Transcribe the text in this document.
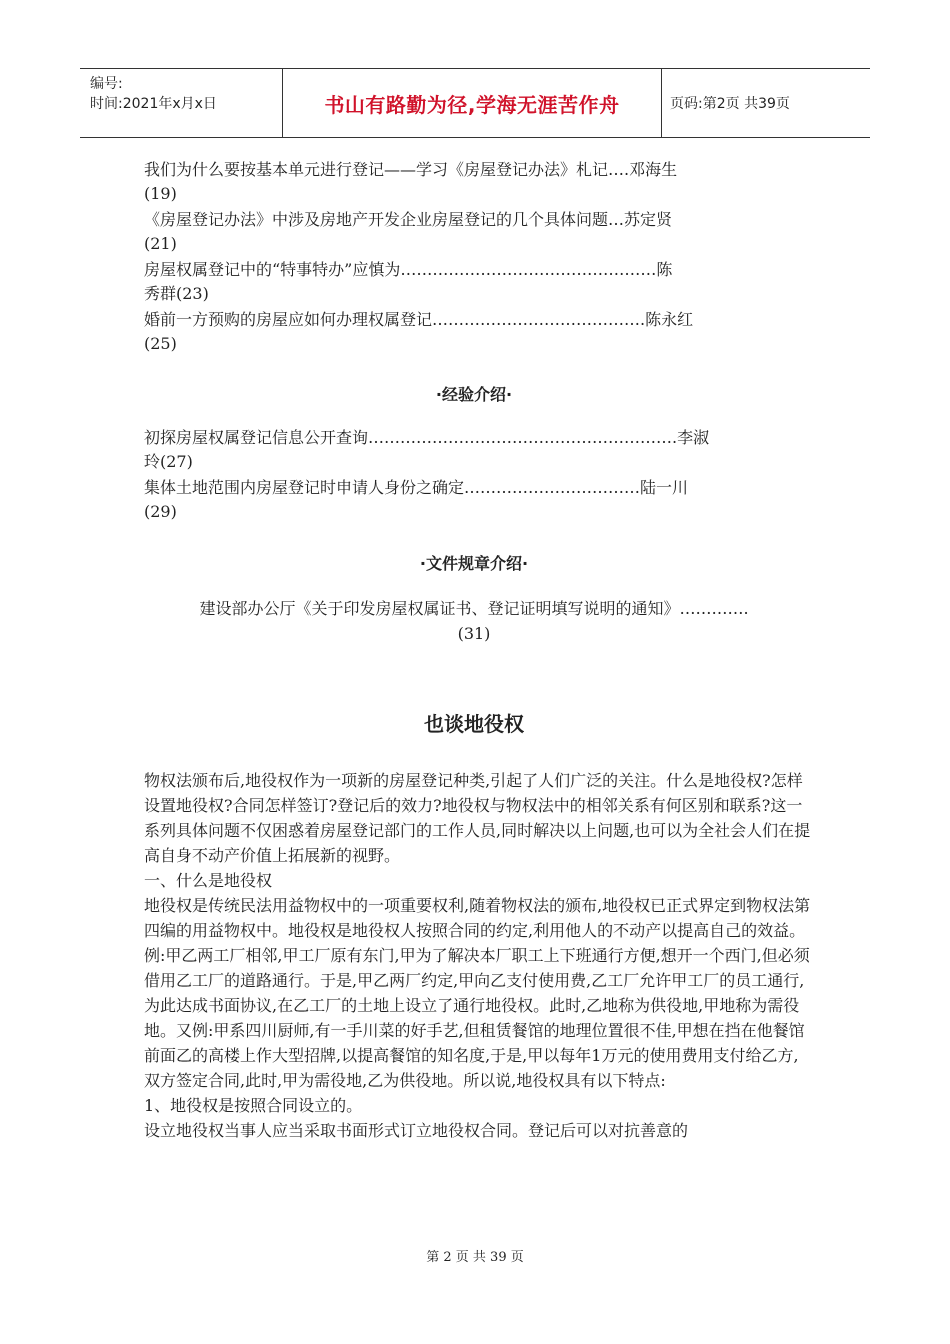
编号:
时间:2021年x月x日	书山有路勤为径,学海无涯苦作舟	页码:第2页 共39页

我们为什么要按基本单元进行登记——学习《房屋登记办法》札记….邓海生

(19)

《房屋登记办法》中涉及房地产开发企业房屋登记的几个具体问题…苏定贤

(21)

房屋权属登记中的“特事特办”应慎为…………………………………………陈

秀群(23)

婚前一方预购的房屋应如何办理权属登记………………………………….陈永红

(25)

·经验介绍·

初探房屋权属登记信息公开查询………………………………………………….李淑

玲(27)

集体土地范围内房屋登记时申请人身份之确定……………………………陆一川

(29)

·文件规章介绍·
建设部办公厅《关于印发房屋权属证书、登记证明填写说明的通知》………….
(31)
也谈地役权

物权法颁布后,地役权作为一项新的房屋登记种类,引起了人们广泛的关注。什么是地役权?怎样设置地役权?合同怎样签订?登记后的效力?地役权与物权法中的相邻关系有何区别和联系?这一系列具体问题不仅困惑着房屋登记部门的工作人员,同时解决以上问题,也可以为全社会人们在提高自身不动产价值上拓展新的视野。

一、什么是地役权

地役权是传统民法用益物权中的一项重要权利,随着物权法的颁布,地役权已正式界定到物权法第四编的用益物权中。地役权是地役权人按照合同的约定,利用他人的不动产以提高自己的效益。例:甲乙两工厂相邻,甲工厂原有东门,甲为了解决本厂职工上下班通行方便,想开一个西门,但必须借用乙工厂的道路通行。于是,甲乙两厂约定,甲向乙支付使用费,乙工厂允许甲工厂的员工通行,为此达成书面协议,在乙工厂的土地上设立了通行地役权。此时,乙地称为供役地,甲地称为需役地。又例:甲系四川厨师,有一手川菜的好手艺,但租赁餐馆的地理位置很不佳,甲想在挡在他餐馆前面乙的高楼上作大型招牌,以提高餐馆的知名度,于是,甲以每年1万元的使用费用支付给乙方,双方签定合同,此时,甲为需役地,乙为供役地。所以说,地役权具有以下特点:

1、地役权是按照合同设立的。

设立地役权当事人应当采取书面形式订立地役权合同。登记后可以对抗善意的

第 2 页 共 39 页
